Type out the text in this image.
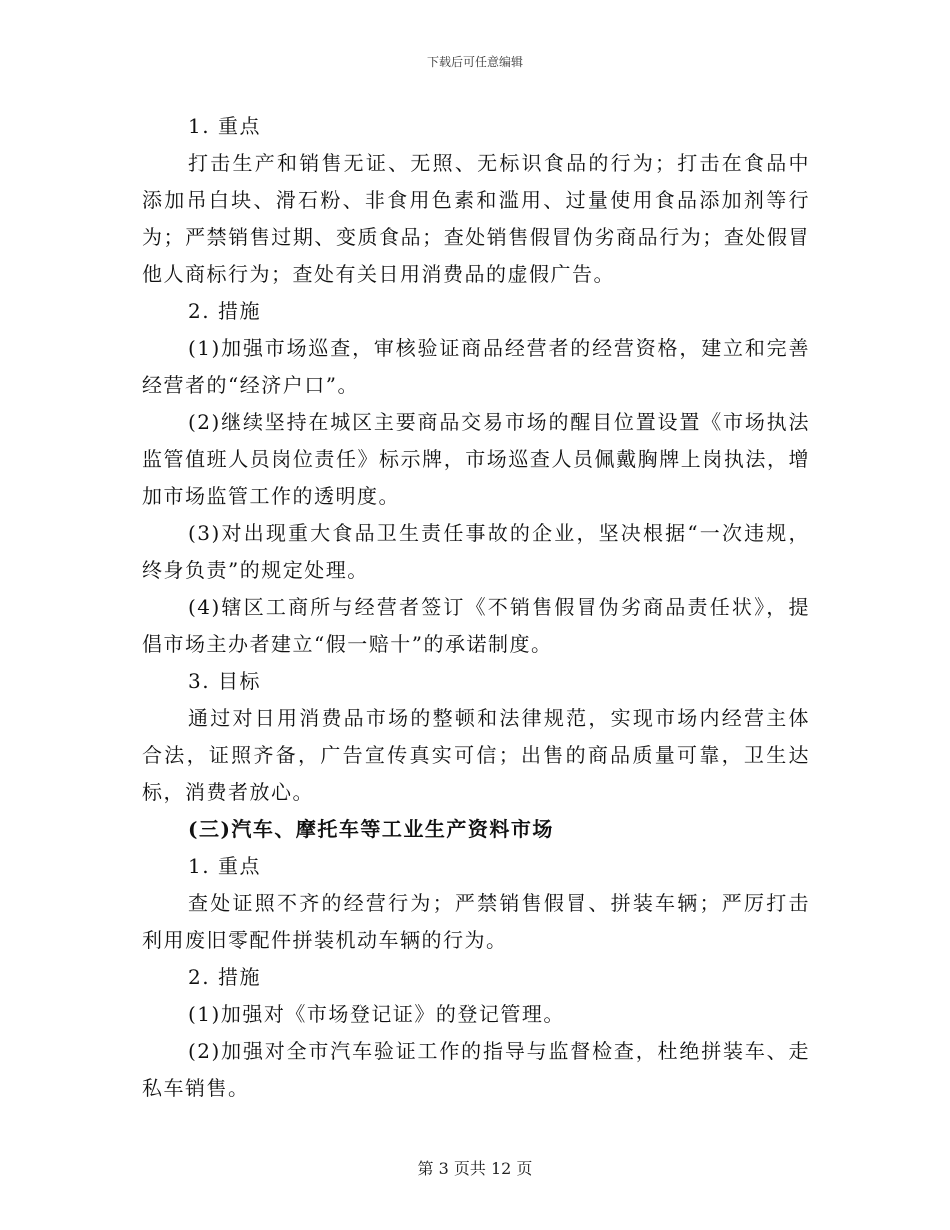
下载后可任意编辑

1. 重点

打击生产和销售无证、无照、无标识食品的行为；打击在食品中添加吊白块、滑石粉、非食用色素和滥用、过量使用食品添加剂等行为；严禁销售过期、变质食品；查处销售假冒伪劣商品行为；查处假冒他人商标行为；查处有关日用消费品的虚假广告。

2. 措施

(1)加强市场巡查，审核验证商品经营者的经营资格，建立和完善经营者的“经济户口”。

(2)继续坚持在城区主要商品交易市场的醒目位置设置《市场执法监管值班人员岗位责任》标示牌，市场巡查人员佩戴胸牌上岗执法，增加市场监管工作的透明度。

(3)对出现重大食品卫生责任事故的企业，坚决根据“一次违规，终身负责”的规定处理。

(4)辖区工商所与经营者签订《不销售假冒伪劣商品责任状》，提倡市场主办者建立“假一赔十”的承诺制度。

3. 目标

通过对日用消费品市场的整顿和法律规范，实现市场内经营主体合法，证照齐备，广告宣传真实可信；出售的商品质量可靠，卫生达标，消费者放心。

(三)汽车、摩托车等工业生产资料市场

1. 重点

查处证照不齐的经营行为；严禁销售假冒、拼装车辆；严厉打击利用废旧零配件拼装机动车辆的行为。

2. 措施

(1)加强对《市场登记证》的登记管理。

(2)加强对全市汽车验证工作的指导与监督检查，杜绝拼装车、走私车销售。

第 3 页共 12 页
